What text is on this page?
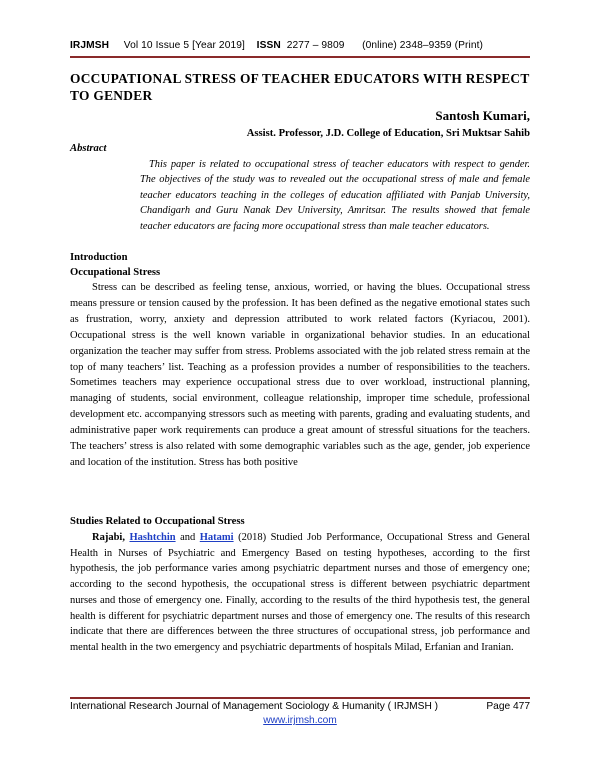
IRJMSH Vol 10 Issue 5 [Year 2019] ISSN 2277 – 9809 (0nline) 2348–9359 (Print)
OCCUPATIONAL STRESS OF TEACHER EDUCATORS WITH RESPECT TO GENDER
Santosh Kumari,
Assist. Professor, J.D. College of Education, Sri Muktsar Sahib
Abstract
This paper is related to occupational stress of teacher educators with respect to gender. The objectives of the study was to revealed out the occupational stress of male and female teacher educators teaching in the colleges of education affiliated with Panjab University, Chandigarh and Guru Nanak Dev University, Amritsar. The results showed that female teacher educators are facing more occupational stress than male teacher educators.
Introduction
Occupational Stress
Stress can be described as feeling tense, anxious, worried, or having the blues. Occupational stress means pressure or tension caused by the profession. It has been defined as the negative emotional states such as frustration, worry, anxiety and depression attributed to work related factors (Kyriacou, 2001). Occupational stress is the well known variable in organizational behavior studies. In an educational organization the teacher may suffer from stress. Problems associated with the job related stress remain at the top of many teachers’ list. Teaching as a profession provides a number of responsibilities to the teachers. Sometimes teachers may experience occupational stress due to over workload, instructional planning, managing of students, social environment, colleague relationship, improper time schedule, professional development etc. accompanying stressors such as meeting with parents, grading and evaluating students, and administrative paper work requirements can produce a great amount of stressful situations for the teachers. The teachers’ stress is also related with some demographic variables such as the age, gender, job experience and location of the institution. Stress has both positive
Studies Related to Occupational Stress
Rajabi, Hashtchin and Hatami (2018) Studied Job Performance, Occupational Stress and General Health in Nurses of Psychiatric and Emergency Based on testing hypotheses, according to the first hypothesis, the job performance varies among psychiatric department nurses and those of emergency one; according to the second hypothesis, the occupational stress is different between psychiatric department nurses and those of emergency one. Finally, according to the results of the third hypothesis test, the general health is different for psychiatric department nurses and those of emergency one. The results of this research indicate that there are differences between the three structures of occupational stress, job performance and mental health in the two emergency and psychiatric departments of hospitals Milad, Erfanian and Iranian.
International Research Journal of Management Sociology & Humanity ( IRJMSH )	Page 477
www.irjmsh.com
